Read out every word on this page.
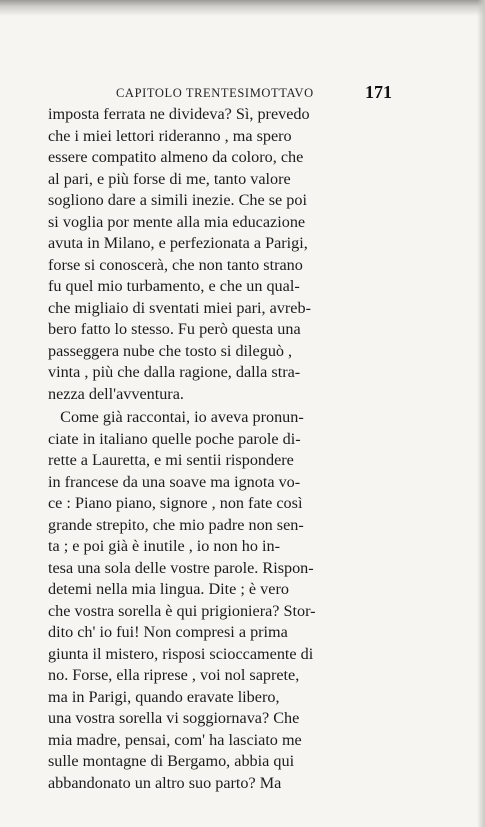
CAPITOLO TRENTESIMOTTAVO	171
imposta ferrata ne divideva? Sì, prevedo
che i miei lettori rideranno , ma spero
essere compatito almeno da coloro, che
al pari, e più forse di me, tanto valore
sogliono dare a simili inezie. Che se poi
si voglia por mente alla mia educazione
avuta in Milano, e perfezionata a Parigi,
forse si conoscerà, che non tanto strano
fu quel mio turbamento, e che un qual-
che migliaio di sventati miei pari, avreb-
bero fatto lo stesso. Fu però questa una
passeggera nube che tosto si dileguò ,
vinta , più che dalla ragione, dalla stra-
nezza dell'avventura.
Come già raccontai, io aveva pronun-
ciate in italiano quelle poche parole di-
rette a Lauretta, e mi sentii rispondere
in francese da una soave ma ignota vo-
ce : Piano piano, signore , non fate così
grande strepito, che mio padre non sen-
ta ; e poi già è inutile , io non ho in-
tesa una sola delle vostre parole. Rispon-
detemi nella mia lingua. Dite ; è vero
che vostra sorella è qui prigioniera? Stor-
dito ch' io fui! Non compresi a prima
giunta il mistero, risposi scioccamente di
no. Forse, ella riprese , voi nol saprete,
ma in Parigi, quando eravate libero,
una vostra sorella vi soggiornava? Che
mia madre, pensai, com' ha lasciato me
sulle montagne di Bergamo, abbia qui
abbandonato un altro suo parto? Ma
